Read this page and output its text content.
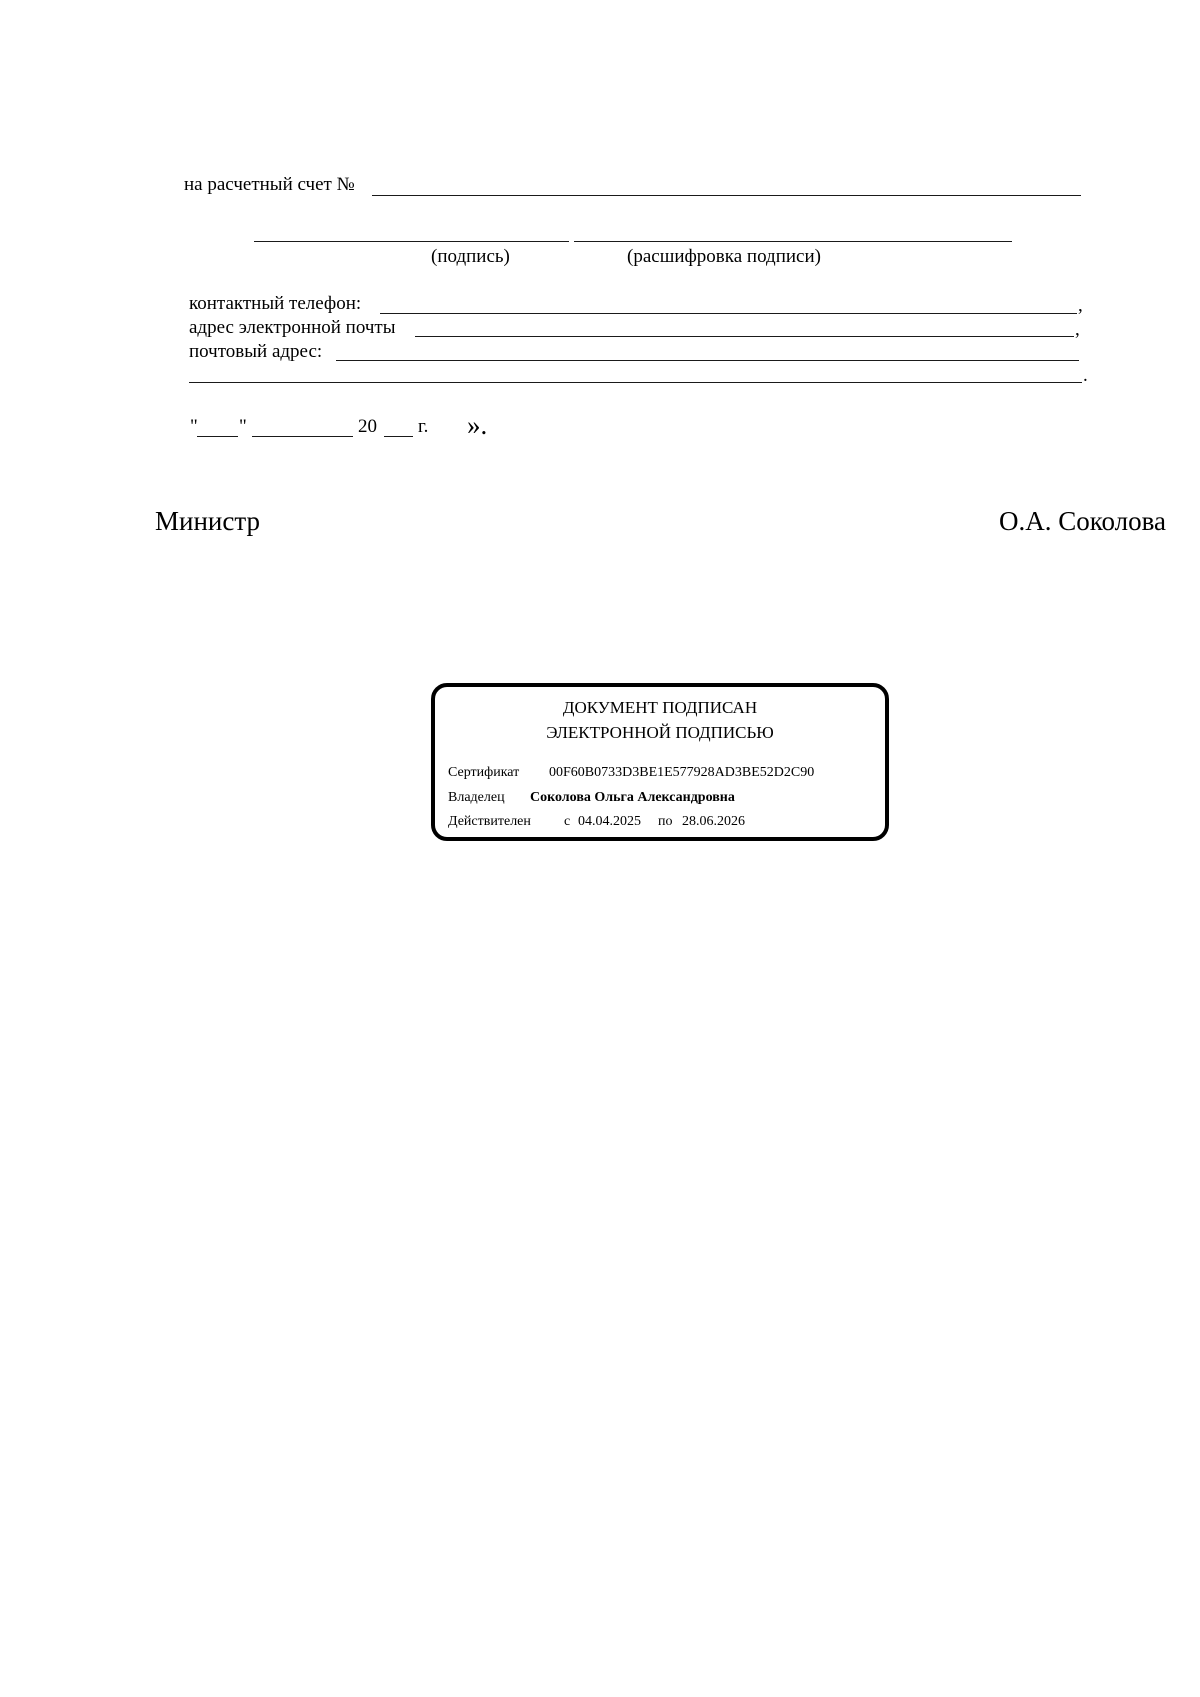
на расчетный счет №
(подпись)	(расшифровка подписи)
контактный телефон:	,
адрес электронной почты	,
почтовый адрес:
.
" "	20 г. ».
Министр	О.А. Соколова
ДОКУМЕНТ ПОДПИСАН
ЭЛЕКТРОННОЙ ПОДПИСЬЮ
Сертификат 00F60B0733D3BE1E577928AD3BE52D2C90
Владелец Соколова Ольга Александровна
Действителен с 04.04.2025 по 28.06.2026
